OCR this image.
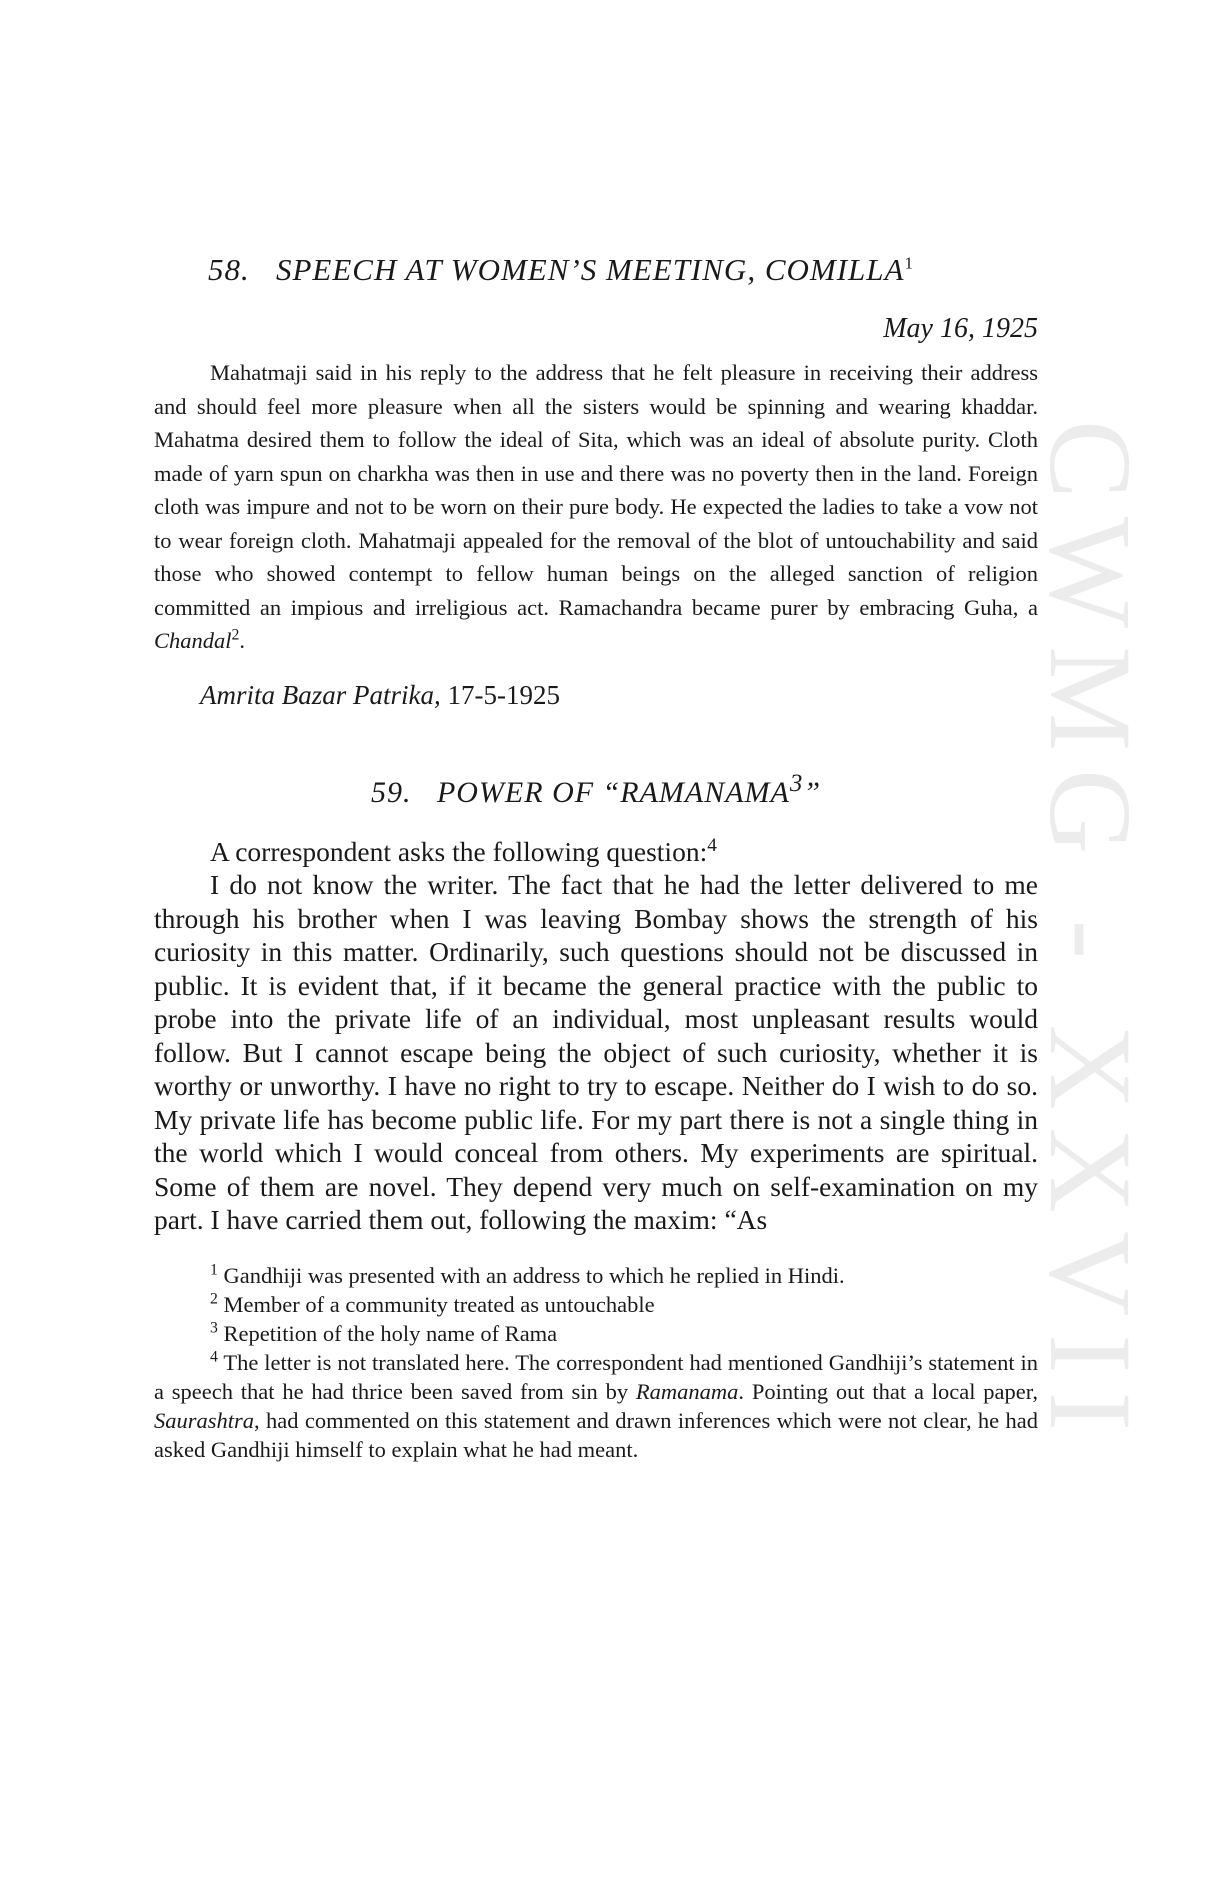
CWMG - XXVII
58. SPEECH AT WOMEN’S MEETING, COMILLA$^1$
May 16, 1925

Mahatmaji said in his reply to the address that he felt pleasure in receiving their address and should feel more pleasure when all the sisters would be spinning and wearing khaddar. Mahatma desired them to follow the ideal of Sita, which was an ideal of absolute purity. Cloth made of yarn spun on charkha was then in use and there was no poverty then in the land. Foreign cloth was impure and not to be worn on their pure body. He expected the ladies to take a vow not to wear foreign cloth. Mahatmaji appealed for the removal of the blot of untouchability and said those who showed contempt to fellow human beings on the alleged sanction of religion committed an impious and irreligious act. Ramachandra became purer by embracing Guha, a Chandal$^2$.

Amrita Bazar Patrika, 17-5-1925
59. POWER OF “RAMANAMA$^3$”

A correspondent asks the following question:$^4$

I do not know the writer. The fact that he had the letter delivered to me through his brother when I was leaving Bombay shows the strength of his curiosity in this matter. Ordinarily, such questions should not be discussed in public. It is evident that, if it became the general practice with the public to probe into the private life of an individual, most unpleasant results would follow. But I cannot escape being the object of such curiosity, whether it is worthy or unworthy. I have no right to try to escape. Neither do I wish to do so. My private life has become public life. For my part there is not a single thing in the world which I would conceal from others. My experiments are spiritual. Some of them are novel. They depend very much on self-examination on my part. I have carried them out, following the maxim: “As

$^1$ Gandhiji was presented with an address to which he replied in Hindi.

$^2$ Member of a community treated as untouchable

$^3$ Repetition of the holy name of Rama

$^4$ The letter is not translated here. The correspondent had mentioned Gandhiji’s statement in a speech that he had thrice been saved from sin by Ramanama. Pointing out that a local paper, Saurashtra, had commented on this statement and drawn inferences which were not clear, he had asked Gandhiji himself to explain what he had meant.
